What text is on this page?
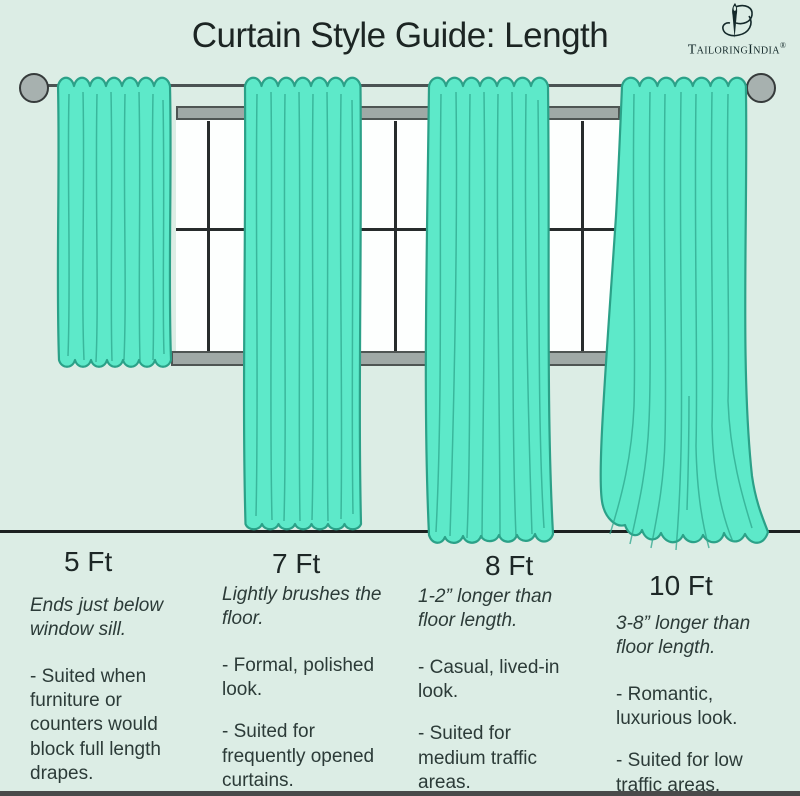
Curtain Style Guide: Length	TailoringIndia®
5 Ft	7 Ft	8 Ft
10 Ft

Ends just below window sill.

- Suited when furniture or counters would block full length drapes.

Lightly brushes the floor.

- Formal, polished look.

- Suited for frequently opened curtains.

1-2” longer than floor length.

- Casual, lived-in look.

- Suited for medium traffic areas.

3-8” longer than floor length.

- Romantic, luxurious look.

- Suited for low traffic areas.
